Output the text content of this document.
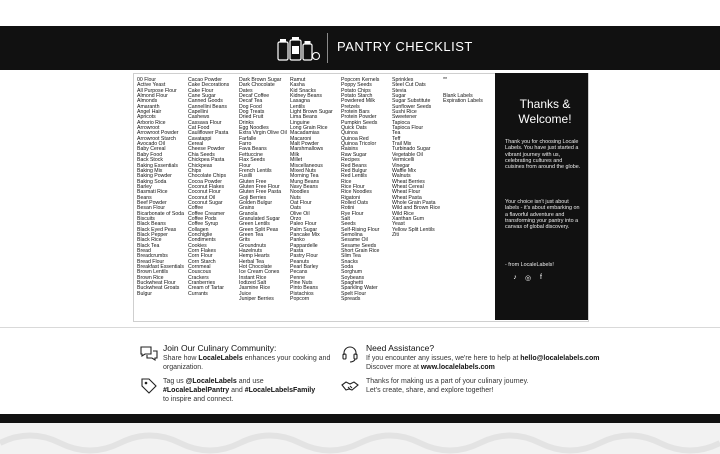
PANTRY CHECKLIST
00 Flour
Active Yeast
All Purpose Flour
Almond Flour
Almonds
Amaranth
Angel Hair
Apricots
Arborio Rice
Arrowroot
Arrowroot Powder
Arrowroot Starch
Avocado Oil
Baby Cereal
Baby Food
Back Stock
Baking Essentials
Baking Mix
Baking Powder
Baking Soda
Barley
Basmati Rice
Beans
Beef Powder
Besan Flour
Bicarbonate of Soda
Biscuits
Black Beans
Black Eyed Peas
Black Pepper
Black Rice
Black Tea
Bread
Breadcrumbs
Bread Flour
Breakfast Essentials
Brown Lentils
Brown Rice
Buckwheat Flour
Buckwheat Groats
Bulgur
Cacao Powder
Cake Decorations
Cake Flour
Cane Sugar
Canned Goods
Cannellini Beans
Capellini
Cashews
Cassava Flour
Cat Food
Cauliflower Pasta
Cavatappi
Cereal
Cheese Powder
Chia Seeds
Chickpea Pasta
Chickpeas
Chips
Chocolate Chips
Cocoa Powder
Coconut Flakes
Coconut Flour
Coconut Oil
Coconut Sugar
Coffee
Coffee Creamer
Coffee Pods
Coffee Syrup
Collagen
Conchiglie
Condiments
Cookies
Corn Flakes
Corn Flour
Corn Starch
Cornmeal
Couscous
Crackers
Cranberries
Cream of Tartar
Currants
Dark Brown Sugar
Dark Chocolate
Dates
Decaf Coffee
Decaf Tea
Dog Food
Dog Treats
Dried Fruit
Drinks
Egg Noodles
Extra Virgin Olive Oil
Farfalle
Farro
Fava Beans
Fettuccine
Flax Seeds
Flour
French Lentils
Fusilli
Gluten Free
Gluten Free Flour
Gluten Free Pasta
Goji Berries
Golden Bulgur
Grains
Granola
Granulated Sugar
Green Lentils
Green Split Peas
Green Tea
Grits
Groundnuts
Hazelnuts
Hemp Hearts
Herbal Tea
Hot Chocolate
Ice Cream Cones
Instant Rice
Iodized Salt
Jasmine Rice
Juice
Juniper Berries
Ramut
Kasha
Kid Snacks
Kidney Beans
Lasagna
Lentils
Light Brown Sugar
Lima Beans
Linguine
Long Grain Rice
Macadamias
Macaroni
Malt Powder
Marshmallows
Milk
Millet
Miscellaneous
Mixed Nuts
Morning Tea
Mung Beans
Navy Beans
Noodles
Nuts
Oat Flour
Oats
Olive Oil
Orzo
Paleo Flour
Palm Sugar
Pancake Mix
Panko
Pappardelle
Pasta
Pastry Flour
Peanuts
Pearl Barley
Pecans
Penne
Pine Nuts
Pinto Beans
Pistachios
Popcorn
Popcorn Kernels
Poppy Seeds
Potato Chips
Potato Starch
Powdered Milk
Pretzels
Protein Bars
Protein Powder
Pumpkin Seeds
Quick Oats
Quinoa
Quinoa Red
Quinoa Tricolor
Raisins
Raw Sugar
Recipes
Red Beans
Red Bulgur
Red Lentils
Rice
Rice Flour
Rice Noodles
Rigatoni
Rolled Oats
Rotini
Rye Flour
Salt
Seeds
Self-Rising Flour
Semolina
Sesame Oil
Sesame Seeds
Short Grain Rice
Slim Tea
Snacks
Soda
Sorghum
Soybeans
Spaghetti
Sparkling Water
Spelt Flour
Spreads
Sprinkles
Steel Cut Oats
Stevia
Sugar
Sugar Substitute
Sunflower Seeds
Sushi Rice
Sweetener
Tapioca
Tapioca Flour
Tea
Teff
Trail Mix
Turbinado Sugar
Vegetable Oil
Vermicelli
Vinegar
Waffle Mix
Walnuts
Wheat Berries
Wheat Cereal
Wheat Flour
Wheat Pasta
Whole Grain Pasta
Wild and Brown Rice
Wild Rice
Xanthan Gum
Yeast
Yellow Split Lentils
Ziti
**

Blank Labels
Expiration Labels	Thanks & Welcome!
Thank you for choosing Locale Labels. You have just started a vibrant journey with us, celebrating cultures and cuisines from around the globe.
Your choice isn't just about labels - it's about embarking on a flavorful adventure and transforming your pantry into a canvas of global discovery.
- from LocaleLabels!
♪	◎	f
Join Our Culinary Community:
Share how LocaleLabels enhances your cooking and organization.
Tag us @LocaleLabels and use
#LocaleLabelPantry and #LocaleLabelsFamily
to inspire and connect.
Need Assistance?
If you encounter any issues, we're here to help at hello@localelabels.com
Discover more at www.localelabels.com
Thanks for making us a part of your culinary journey.
Let's create, share, and explore together!
